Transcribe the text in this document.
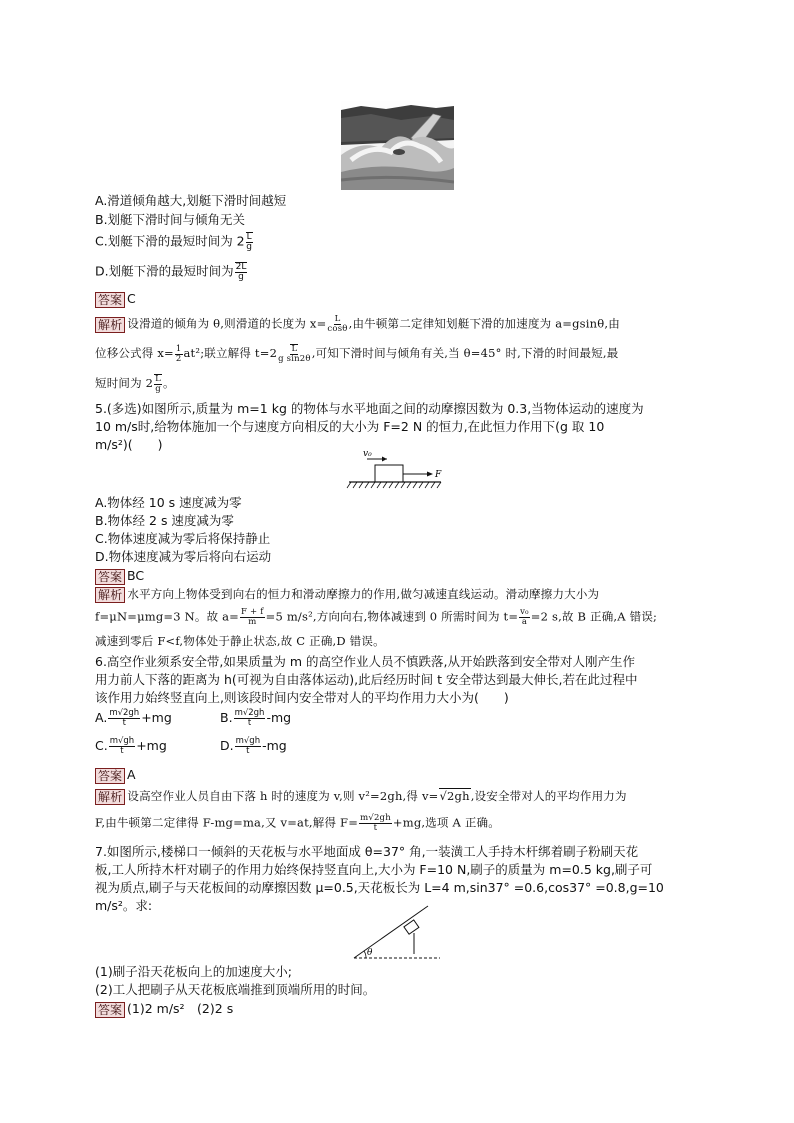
A.滑道倾角越大,划艇下滑时间越短
B.划艇下滑时间与倾角无关
C.划艇下滑的最短时间为 $2 \frac{L}{g}$
D.划艇下滑的最短时间为 $\frac{2L}{g}$
答案 C
解析 设滑道的倾角为 θ,则滑道的长度为 $x= \frac{L}{\cos\theta}$ ,由牛顿第二定律知划艇下滑的加速度为 a=gsinθ,由
位移公式得 $x= \frac{1}{2} at^2$;联立解得 $t=2 \frac{L}{\text{g sin2θ}}$ ,可知下滑时间与倾角有关,当 θ=45° 时,下滑的时间最短,最
短时间为 $2 \frac{L}{g}$ 。
5.(多选)如图所示,质量为 m=1 kg 的物体与水平地面之间的动摩擦因数为 0.3,当物体运动的速度为
10 m/s时,给物体施加一个与速度方向相反的大小为 F=2 N 的恒力,在此恒力作用下(g 取 10
m/s²)(　　)
v₀
F
A.物体经 10 s 速度减为零
B.物体经 2 s 速度减为零
C.物体速度减为零后将保持静止
D.物体速度减为零后将向右运动
答案 BC
解析 水平方向上物体受到向右的恒力和滑动摩擦力的作用,做匀减速直线运动。滑动摩擦力大小为
f=μN=μmg=3 N。故 $a= \frac{F + f}{m} =5$ m/s²,方向向右,物体减速到 0 所需时间为 $t= \frac{\text{v₀}}{a} =2$ s,故 B 正确,A 错误;
减速到零后 F<f,物体处于静止状态,故 C 正确,D 错误。
6.高空作业须系安全带,如果质量为 m 的高空作业人员不慎跌落,从开始跌落到安全带对人刚产生作
用力前人下落的距离为 h(可视为自由落体运动),此后经历时间 t 安全带达到最大伸长,若在此过程中
该作用力始终竖直向上,则该段时间内安全带对人的平均作用力大小为(　　)
A. $\frac{m√2gh}{t} +mg$	B. $\frac{m√2gh}{t} -mg$
C. $\frac{m√gh}{t} +mg$	D. $\frac{m√gh}{t} -mg$
答案 A
解析 设高空作业人员自由下落 h 时的速度为 v,则 v²=2gh,得 v=√2gh,设安全带对人的平均作用力为
F,由牛顿第二定律得 F-mg=ma,又 v=at,解得 $F= \frac{m√2gh}{t} +mg$,选项 A 正确。
7.如图所示,楼梯口一倾斜的天花板与水平地面成 θ=37° 角,一装潢工人手持木杆绑着刷子粉刷天花
板,工人所持木杆对刷子的作用力始终保持竖直向上,大小为 F=10 N,刷子的质量为 m=0.5 kg,刷子可
视为质点,刷子与天花板间的动摩擦因数 μ=0.5,天花板长为 L=4 m,sin37° =0.6,cos37° =0.8,g=10
m/s²。求:
θ
(1)刷子沿天花板向上的加速度大小;
(2)工人把刷子从天花板底端推到顶端所用的时间。
答案 (1)2 m/s²　(2)2 s
